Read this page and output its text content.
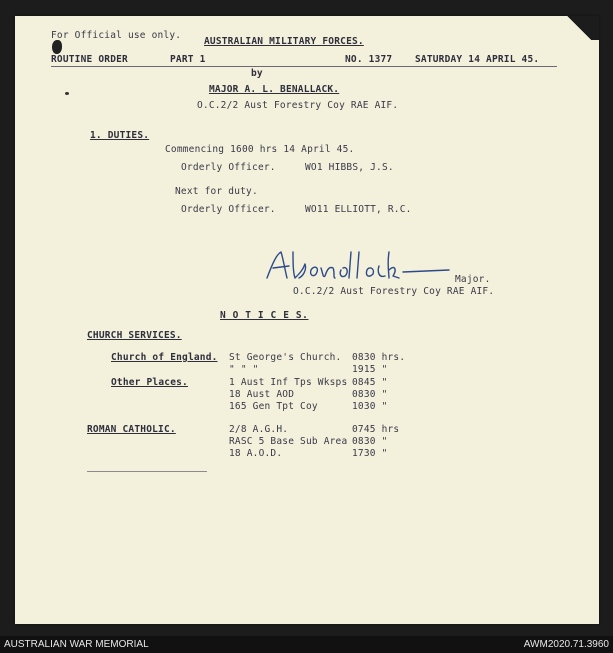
For Official use only.
AUSTRALIAN MILITARY FORCES.
ROUTINE ORDER	PART 1	NO. 1377 SATURDAY 14 APRIL 45.
by
MAJOR A. L. BENALLACK.
O.C.2/2 Aust Forestry Coy RAE AIF.
1. DUTIES.
Commencing 1600 hrs 14 April 45.
Orderly Officer.	WO1 HIBBS, J.S.
Next for duty.
Orderly Officer.	WO11 ELLIOTT, R.C.
Major.
O.C.2/2 Aust Forestry Coy RAE AIF.
N O T I C E S.
CHURCH SERVICES.
Church of England. St George's Church. 0830 hrs.
" " "	1915 "
Other Places.	1 Aust Inf Tps Wksps 0845 "
18 Aust AOD	0830 "
165 Gen Tpt Coy	1030 "
ROMAN CATHOLIC.	2/8 A.G.H.	0745 hrs
RASC 5 Base Sub Area 0830 "
18 A.O.D.	1730 "
AUSTRALIAN WAR MEMORIAL	AWM2020.71.3960
